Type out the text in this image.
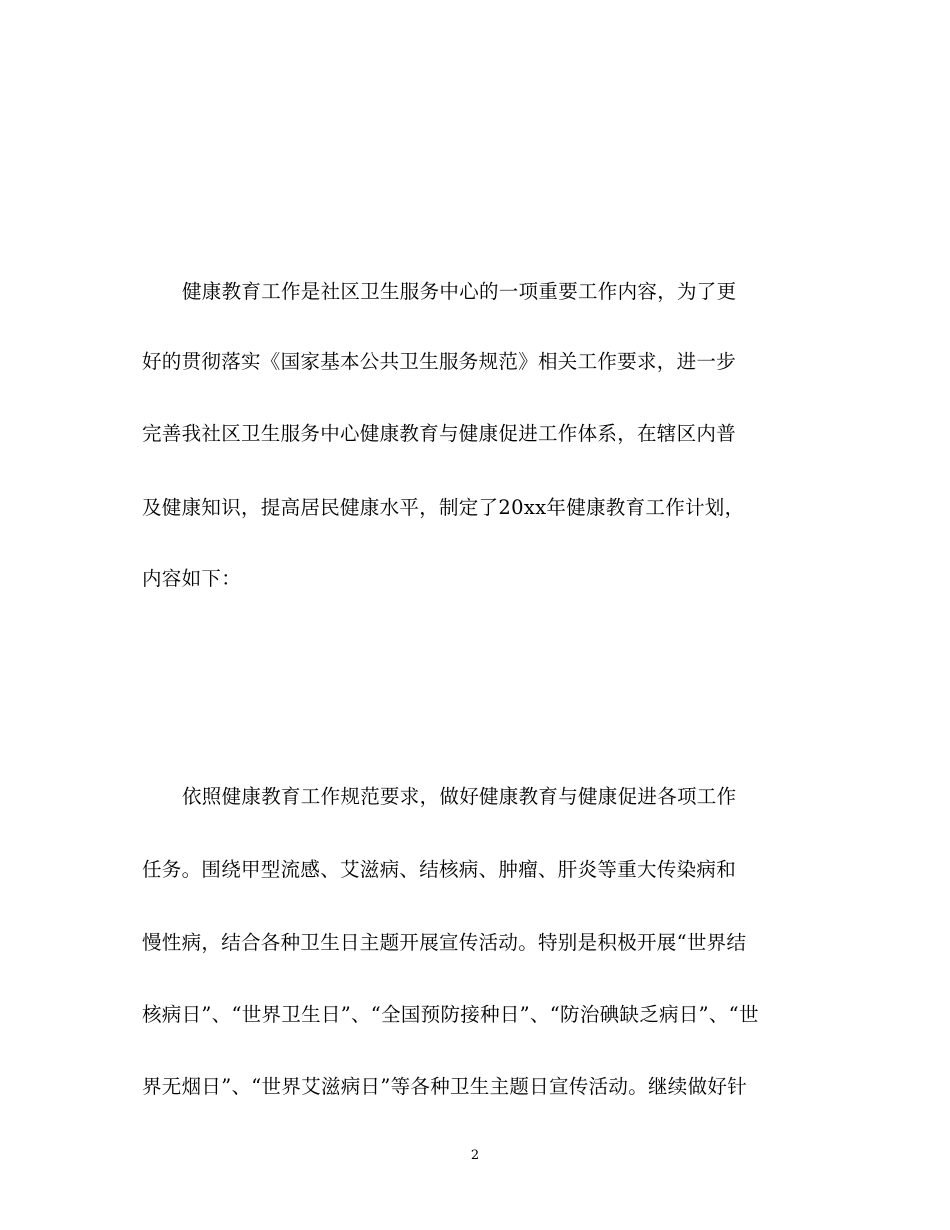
健康教育工作是社区卫生服务中心的一项重要工作内容，为了更
好的贯彻落实《国家基本公共卫生服务规范》相关工作要求，进一步
完善我社区卫生服务中心健康教育与健康促进工作体系，在辖区内普
及健康知识，提高居民健康水平，制定了20xx年健康教育工作计划，
内容如下：
依照健康教育工作规范要求，做好健康教育与健康促进各项工作
任务。围绕甲型流感、艾滋病、结核病、肿瘤、肝炎等重大传染病和
慢性病，结合各种卫生日主题开展宣传活动。特别是积极开展“世界结
核病日”、“世界卫生日”、“全国预防接种日”、“防治碘缺乏病日”、“世
界无烟日”、“世界艾滋病日”等各种卫生主题日宣传活动。继续做好针
2
